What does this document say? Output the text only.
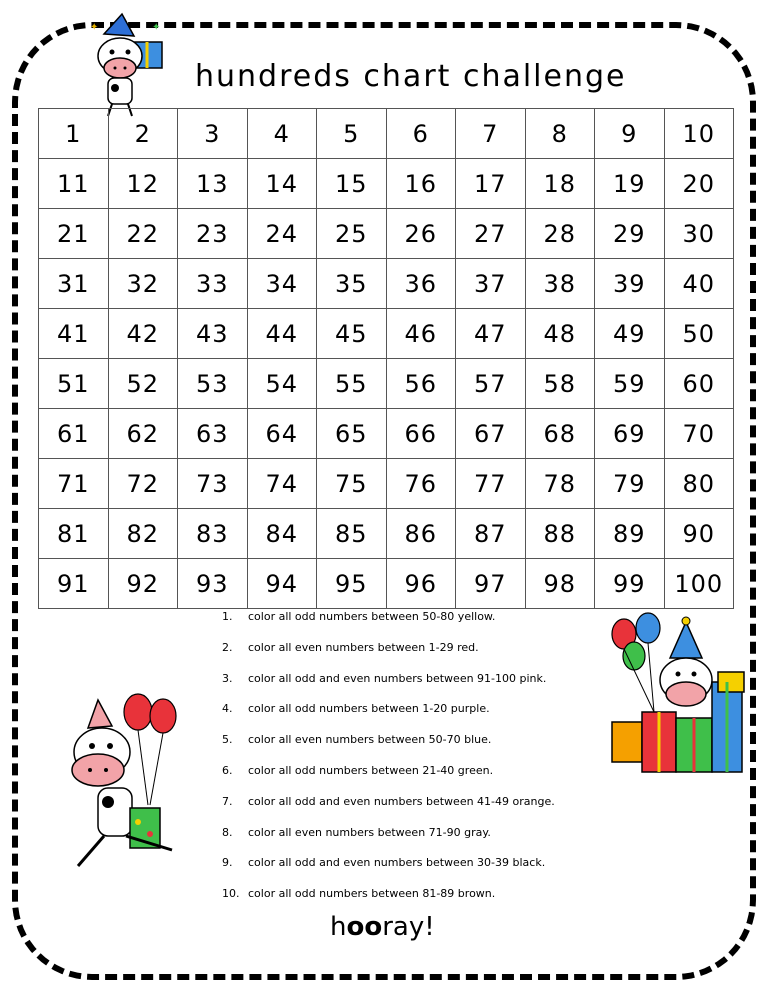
✦	✦
hundreds chart challenge
1	2	3	4	5	6	7	8	9	10
11	12	13	14	15	16	17	18	19	20
21	22	23	24	25	26	27	28	29	30
31	32	33	34	35	36	37	38	39	40
41	42	43	44	45	46	47	48	49	50
51	52	53	54	55	56	57	58	59	60
61	62	63	64	65	66	67	68	69	70
71	72	73	74	75	76	77	78	79	80
81	82	83	84	85	86	87	88	89	90
91	92	93	94	95	96	97	98	99	100
1. color all odd numbers between 50-80 yellow.
2. color all even numbers between 1-29 red.
3. color all odd and even numbers between 91-100 pink.
4. color all odd numbers between 1-20 purple.
5. color all even numbers between 50-70 blue.
6. color all odd numbers between 21-40 green.
7. color all odd and even numbers between 41-49 orange.
8. color all even numbers between 71-90 gray.
9. color all odd and even numbers between 30-39 black.
10. color all odd numbers between 81-89 brown.
hooray!
